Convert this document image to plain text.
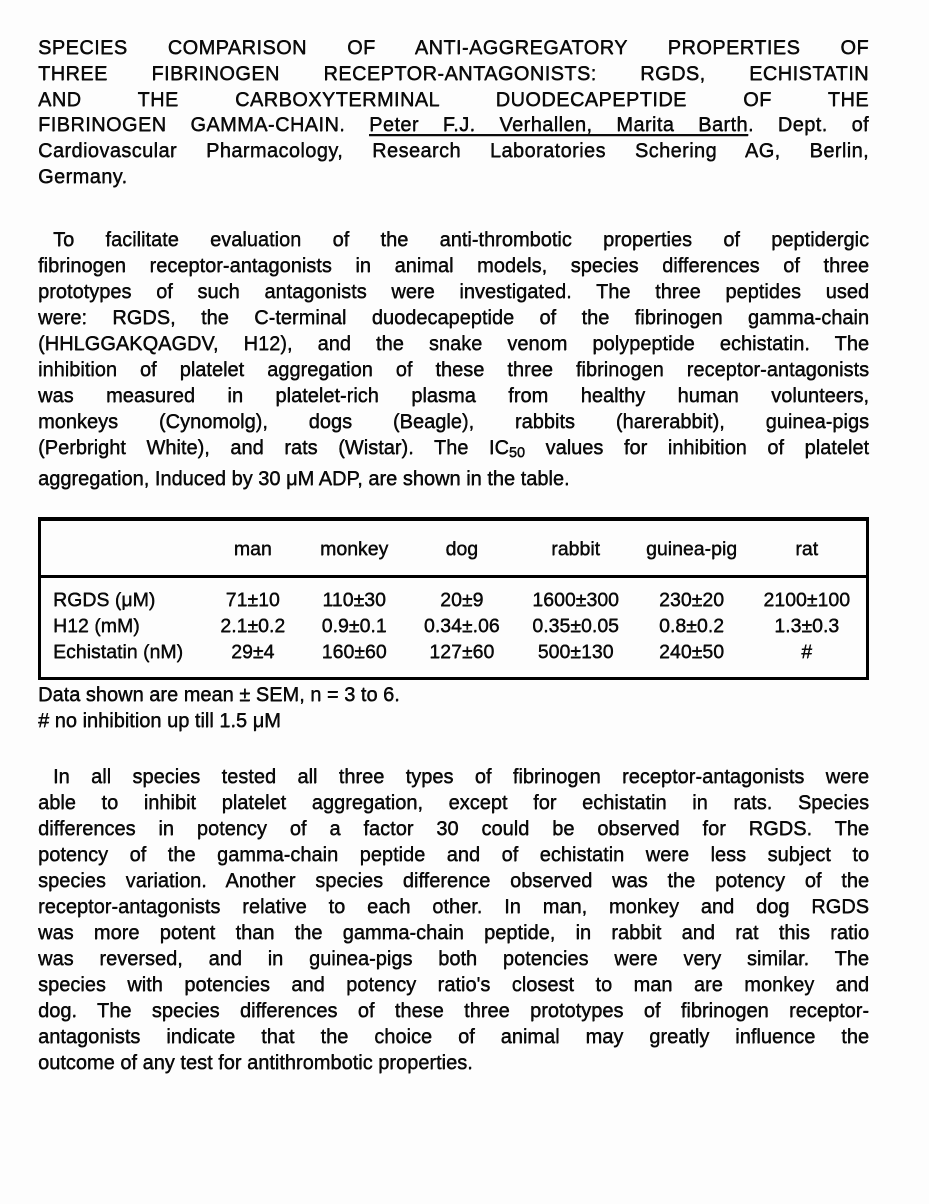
SPECIES COMPARISON OF ANTI-AGGREGATORY PROPERTIES OF
THREE FIBRINOGEN RECEPTOR-ANTAGONISTS: RGDS, ECHISTATIN
AND THE CARBOXYTERMINAL DUODECAPEPTIDE OF THE
FIBRINOGEN GAMMA-CHAIN. Peter F.J. Verhallen, Marita Barth. Dept. of
Cardiovascular Pharmacology, Research Laboratories Schering AG, Berlin,
Germany.
To facilitate evaluation of the anti-thrombotic properties of peptidergic
fibrinogen receptor-antagonists in animal models, species differences of three
prototypes of such antagonists were investigated. The three peptides used
were: RGDS, the C-terminal duodecapeptide of the fibrinogen gamma-chain
(HHLGGAKQAGDV, H12), and the snake venom polypeptide echistatin. The
inhibition of platelet aggregation of these three fibrinogen receptor-antagonists
was measured in platelet-rich plasma from healthy human volunteers,
monkeys (Cynomolg), dogs (Beagle), rabbits (harerabbit), guinea-pigs
(Perbright White), and rats (Wistar). The $IC_{50}$ values for inhibition of platelet
aggregation, Induced by 30 μM ADP, are shown in the table.
	man	monkey	dog	rabbit	guinea-pig	rat
RGDS (μM)	71±10	110±30	20±9	1600±300	230±20	2100±100
H12 (mM)	2.1±0.2	0.9±0.1	0.34±.06	0.35±0.05	0.8±0.2	1.3±0.3
Echistatin (nM)	29±4	160±60	127±60	500±130	240±50	#
Data shown are mean ± SEM, n = 3 to 6.
# no inhibition up till 1.5 μM
In all species tested all three types of fibrinogen receptor-antagonists were
able to inhibit platelet aggregation, except for echistatin in rats. Species
differences in potency of a factor 30 could be observed for RGDS. The
potency of the gamma-chain peptide and of echistatin were less subject to
species variation. Another species difference observed was the potency of the
receptor-antagonists relative to each other. In man, monkey and dog RGDS
was more potent than the gamma-chain peptide, in rabbit and rat this ratio
was reversed, and in guinea-pigs both potencies were very similar. The
species with potencies and potency ratio's closest to man are monkey and
dog. The species differences of these three prototypes of fibrinogen receptor-
antagonists indicate that the choice of animal may greatly influence the
outcome of any test for antithrombotic properties.
